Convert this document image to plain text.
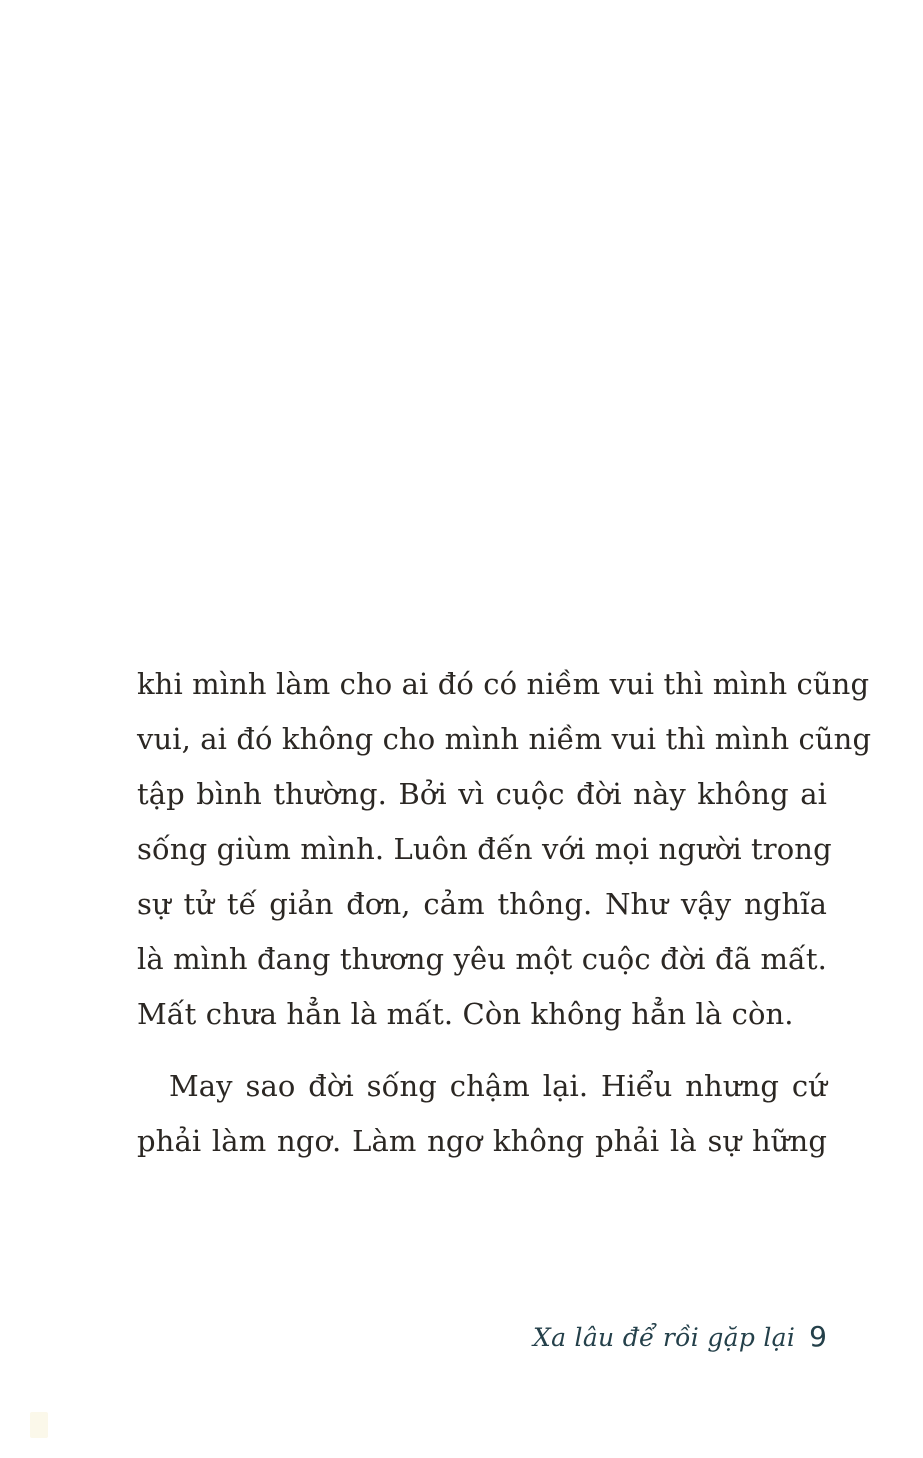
khi mình làm cho ai đó có niềm vui thì mình cũng
vui, ai đó không cho mình niềm vui thì mình cũng
tập bình thường. Bởi vì cuộc đời này không ai
sống giùm mình. Luôn đến với mọi người trong
sự tử tế giản đơn, cảm thông. Như vậy nghĩa
là mình đang thương yêu một cuộc đời đã mất.
Mất chưa hẳn là mất. Còn không hẳn là còn.
May sao đời sống chậm lại. Hiểu nhưng cứ
phải làm ngơ. Làm ngơ không phải là sự hững
Xa lâu để rồi gặp lại 9
